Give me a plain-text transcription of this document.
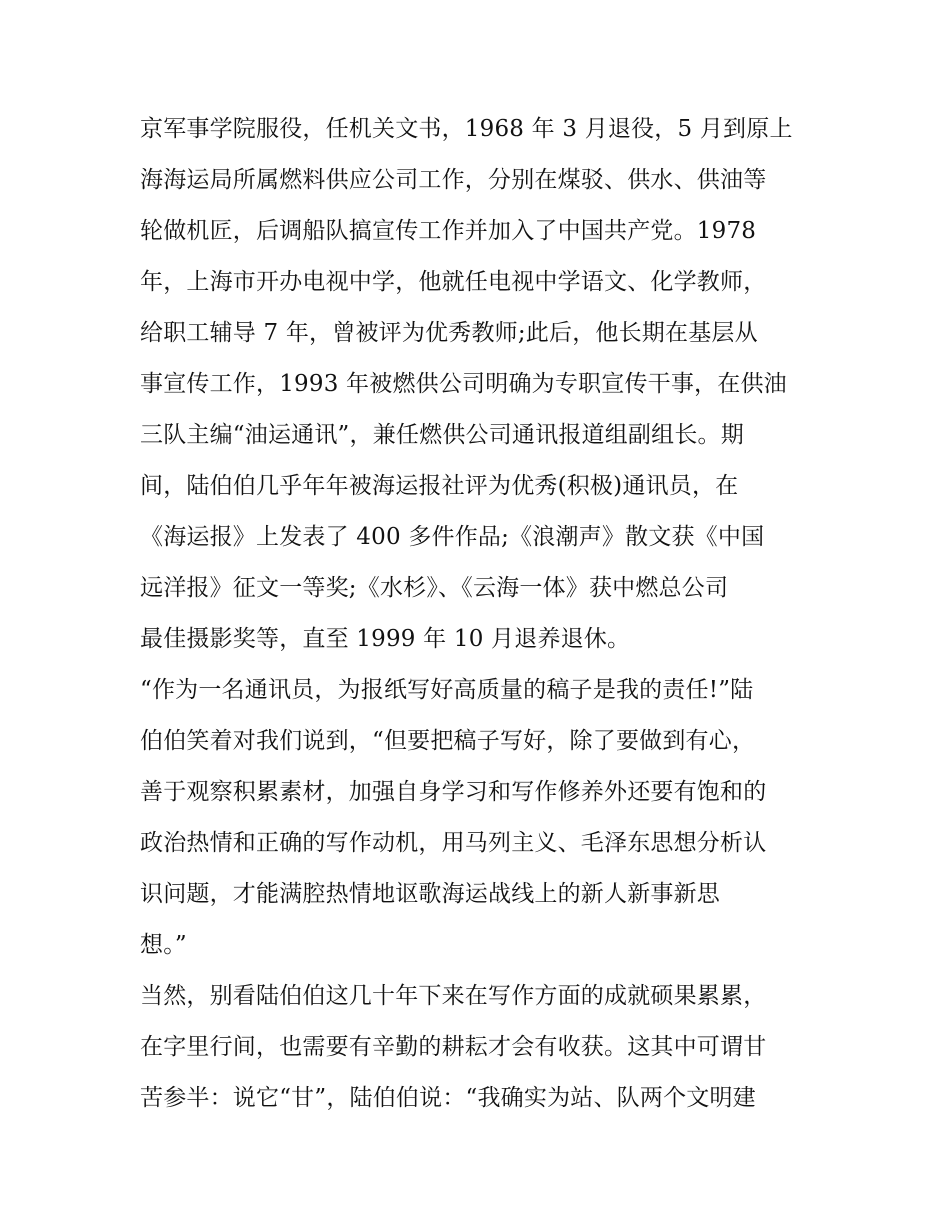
京军事学院服役，任机关文书，1968 年 3 月退役，5 月到原上
海海运局所属燃料供应公司工作，分别在煤驳、供水、供油等
轮做机匠，后调船队搞宣传工作并加入了中国共产党。1978
年，上海市开办电视中学，他就任电视中学语文、化学教师，
给职工辅导 7 年，曾被评为优秀教师;此后，他长期在基层从
事宣传工作，1993 年被燃供公司明确为专职宣传干事，在供油
三队主编“油运通讯”，兼任燃供公司通讯报道组副组长。期
间，陆伯伯几乎年年被海运报社评为优秀(积极)通讯员，在
《海运报》上发表了 400 多件作品;《浪潮声》散文获《中国
远洋报》征文一等奖;《水杉》、《云海一体》获中燃总公司
最佳摄影奖等，直至 1999 年 10 月退养退休。
“作为一名通讯员，为报纸写好高质量的稿子是我的责任!”陆
伯伯笑着对我们说到，“但要把稿子写好，除了要做到有心，
善于观察积累素材，加强自身学习和写作修养外还要有饱和的
政治热情和正确的写作动机，用马列主义、毛泽东思想分析认
识问题，才能满腔热情地讴歌海运战线上的新人新事新思
想。”
当然，别看陆伯伯这几十年下来在写作方面的成就硕果累累，
在字里行间，也需要有辛勤的耕耘才会有收获。这其中可谓甘
苦参半：说它“甘”，陆伯伯说：“我确实为站、队两个文明建
